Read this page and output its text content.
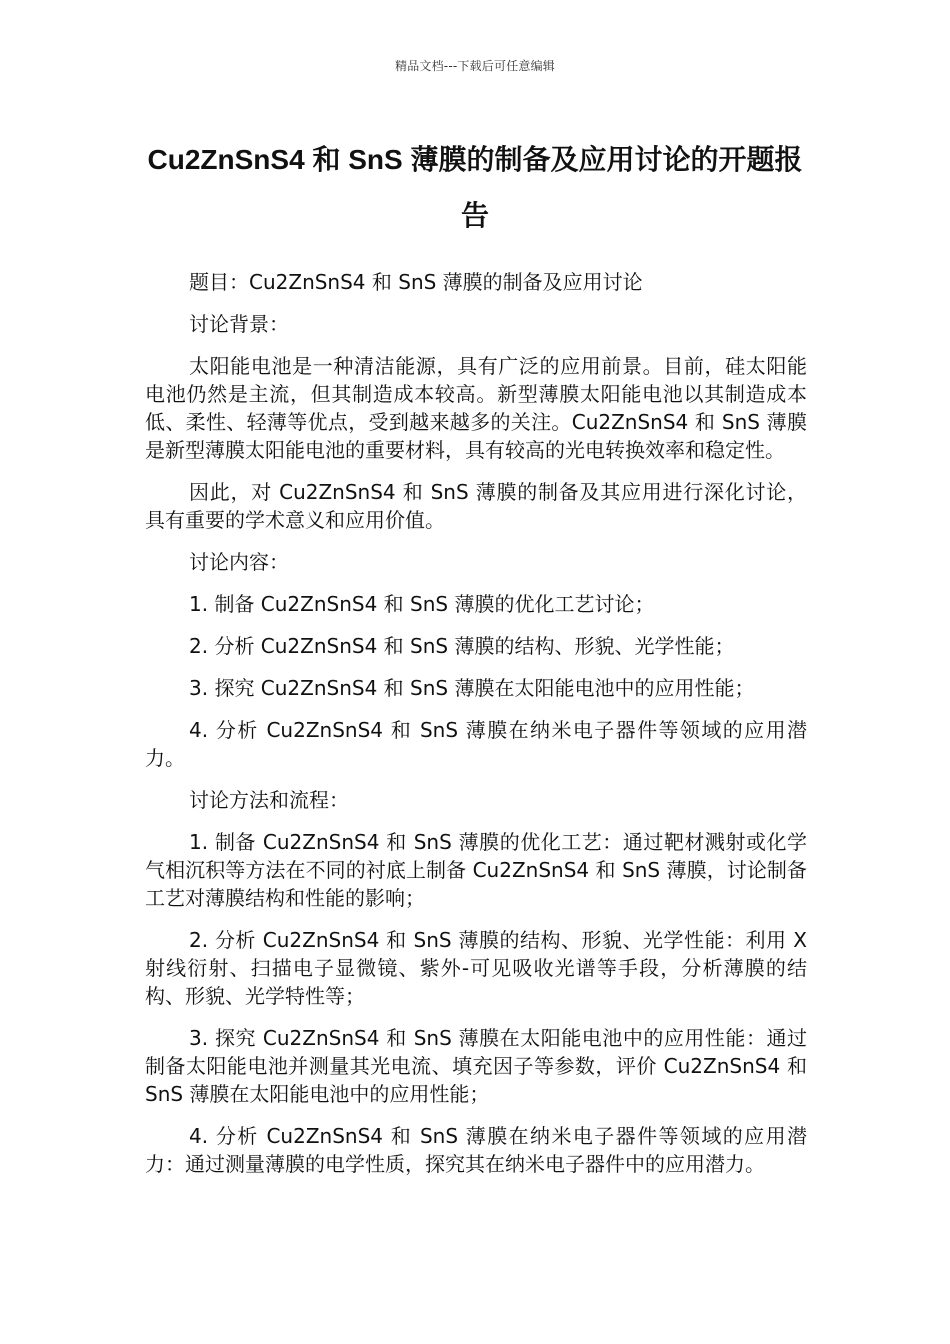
精品文档---下载后可任意编辑
Cu2ZnSnS4 和 SnS 薄膜的制备及应用讨论的开题报告

题目：Cu2ZnSnS4 和 SnS 薄膜的制备及应用讨论

讨论背景：

太阳能电池是一种清洁能源，具有广泛的应用前景。目前，硅太阳能电池仍然是主流，但其制造成本较高。新型薄膜太阳能电池以其制造成本低、柔性、轻薄等优点，受到越来越多的关注。Cu2ZnSnS4 和 SnS 薄膜是新型薄膜太阳能电池的重要材料，具有较高的光电转换效率和稳定性。

因此，对 Cu2ZnSnS4 和 SnS 薄膜的制备及其应用进行深化讨论，具有重要的学术意义和应用价值。

讨论内容：

1. 制备 Cu2ZnSnS4 和 SnS 薄膜的优化工艺讨论；

2. 分析 Cu2ZnSnS4 和 SnS 薄膜的结构、形貌、光学性能；

3. 探究 Cu2ZnSnS4 和 SnS 薄膜在太阳能电池中的应用性能；

4. 分析 Cu2ZnSnS4 和 SnS 薄膜在纳米电子器件等领域的应用潜力。

讨论方法和流程：

1. 制备 Cu2ZnSnS4 和 SnS 薄膜的优化工艺：通过靶材溅射或化学气相沉积等方法在不同的衬底上制备 Cu2ZnSnS4 和 SnS 薄膜，讨论制备工艺对薄膜结构和性能的影响；

2. 分析 Cu2ZnSnS4 和 SnS 薄膜的结构、形貌、光学性能：利用 X 射线衍射、扫描电子显微镜、紫外-可见吸收光谱等手段，分析薄膜的结构、形貌、光学特性等；

3. 探究 Cu2ZnSnS4 和 SnS 薄膜在太阳能电池中的应用性能：通过制备太阳能电池并测量其光电流、填充因子等参数，评价 Cu2ZnSnS4 和 SnS 薄膜在太阳能电池中的应用性能；

4. 分析 Cu2ZnSnS4 和 SnS 薄膜在纳米电子器件等领域的应用潜力：通过测量薄膜的电学性质，探究其在纳米电子器件中的应用潜力。
